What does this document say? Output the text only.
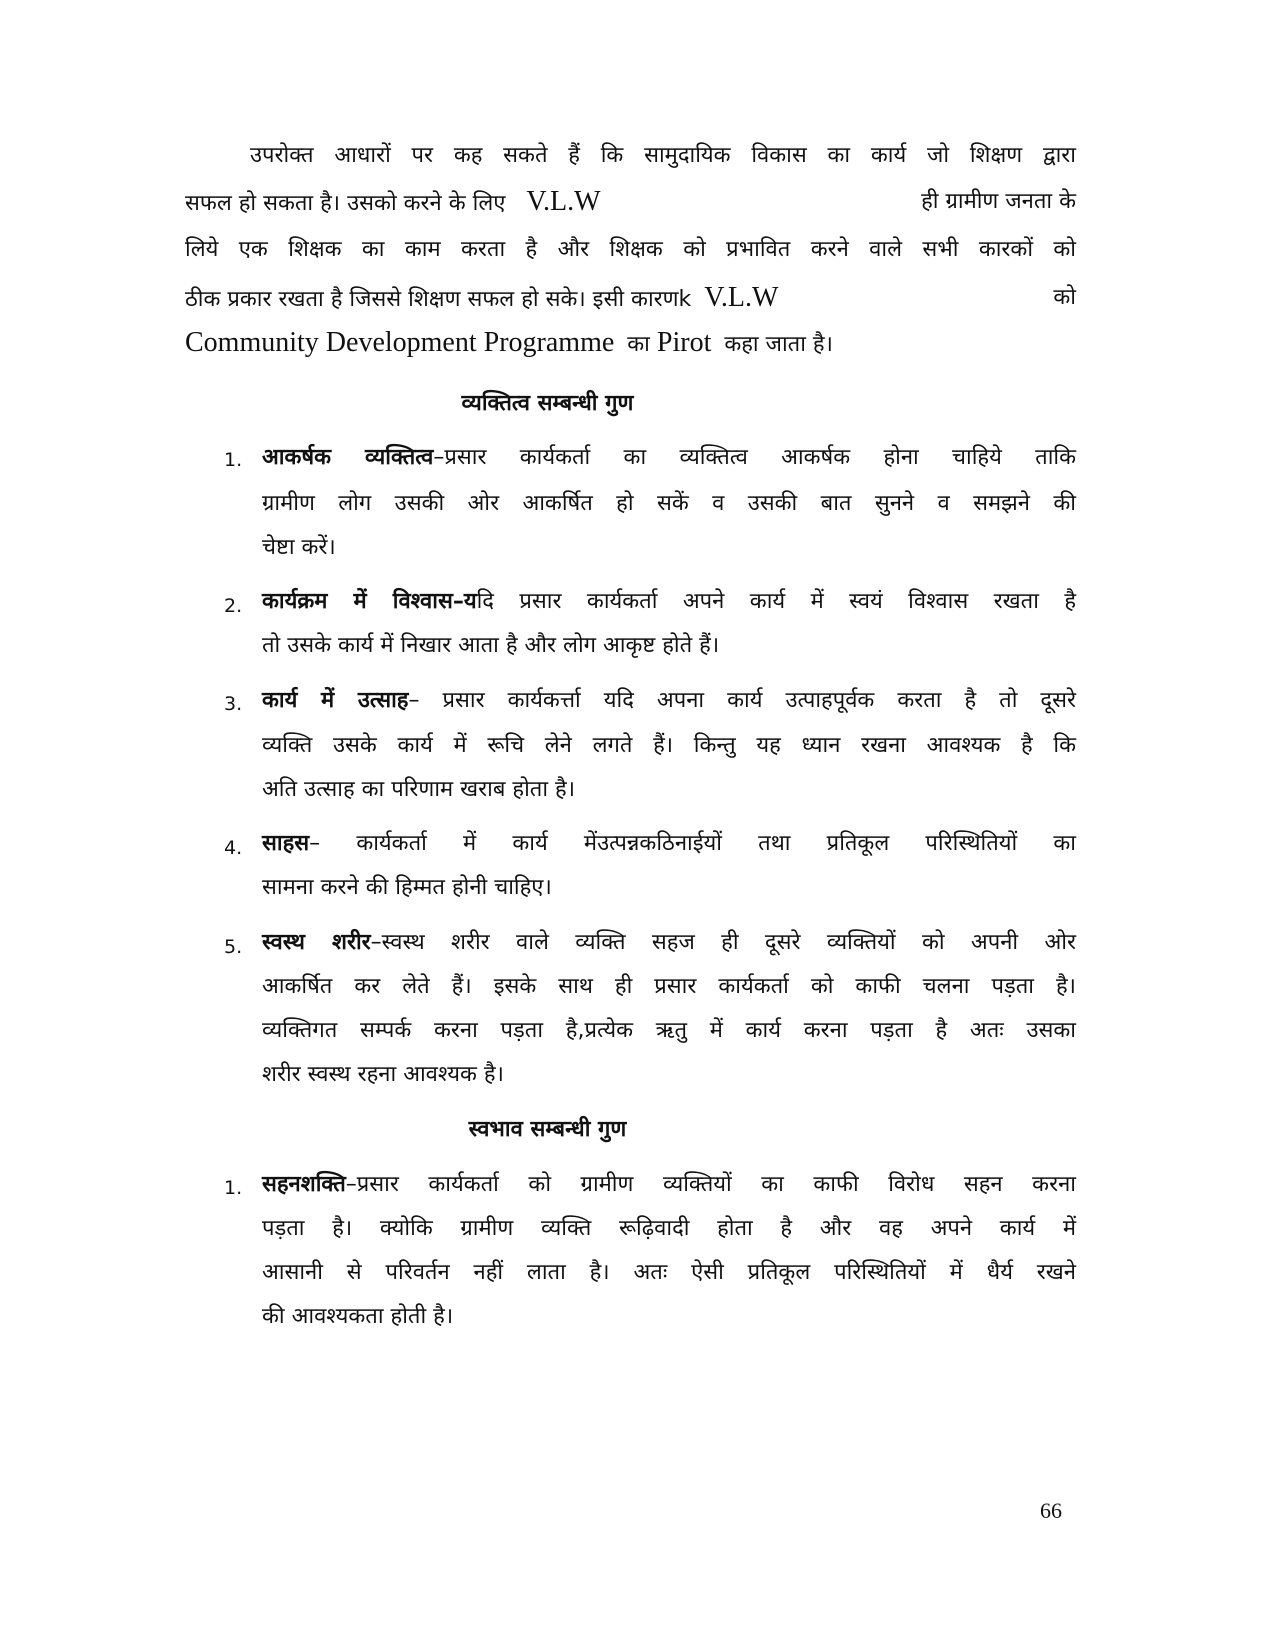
उपरोक्त आधारों पर कह सकते हैं कि सामुदायिक विकास का कार्य जो शिक्षण द्वारा
सफल हो सकता है। उसको करने के लिए V.L.W	ही ग्रामीण जनता के
लिये एक शिक्षक का काम करता है और शिक्षक को प्रभावित करने वाले सभी कारकों को
ठीक प्रकार रखता है जिससे शिक्षण सफल हो सके। इसी कारणk V.L.W	को
Community Development Programme का Pirot कहा जाता है।
व्यक्तित्व सम्बन्धी गुण
1. आकर्षक व्यक्तित्व–प्रसार कार्यकर्ता का व्यक्तित्व आकर्षक होना चाहिये ताकि
ग्रामीण लोग उसकी ओर आकर्षित हो सकें व उसकी बात सुनने व समझने की
चेष्टा करें।
2. कार्यक्रम में विश्वास–यदि प्रसार कार्यकर्ता अपने कार्य में स्वयं विश्वास रखता है
तो उसके कार्य में निखार आता है और लोग आकृष्ट होते हैं।
3. कार्य में उत्साह– प्रसार कार्यकर्त्ता यदि अपना कार्य उत्पाहपूर्वक करता है तो दूसरे
व्यक्ति उसके कार्य में रूचि लेने लगते हैं। किन्तु यह ध्यान रखना आवश्यक है कि
अति उत्साह का परिणाम खराब होता है।
4. साहस– कार्यकर्ता में कार्य मेंउत्पन्नकठिनाईयों तथा प्रतिकूल परिस्थितियों का
सामना करने की हिम्मत होनी चाहिए।
5. स्वस्थ शरीर–स्वस्थ शरीर वाले व्यक्ति सहज ही दूसरे व्यक्तियों को अपनी ओर
आकर्षित कर लेते हैं। इसके साथ ही प्रसार कार्यकर्ता को काफी चलना पड़ता है।
व्यक्तिगत सम्पर्क करना पड़ता है,प्रत्येक ऋतु में कार्य करना पड़ता है अतः उसका
शरीर स्वस्थ रहना आवश्यक है।
स्वभाव सम्बन्धी गुण
1. सहनशक्ति–प्रसार कार्यकर्ता को ग्रामीण व्यक्तियों का काफी विरोध सहन करना
पड़ता है। क्योकि ग्रामीण व्यक्ति रूढ़िवादी होता है और वह अपने कार्य में
आसानी से परिवर्तन नहीं लाता है। अतः ऐसी प्रतिकूल परिस्थितियों में धैर्य रखने
की आवश्यकता होती है।
66
